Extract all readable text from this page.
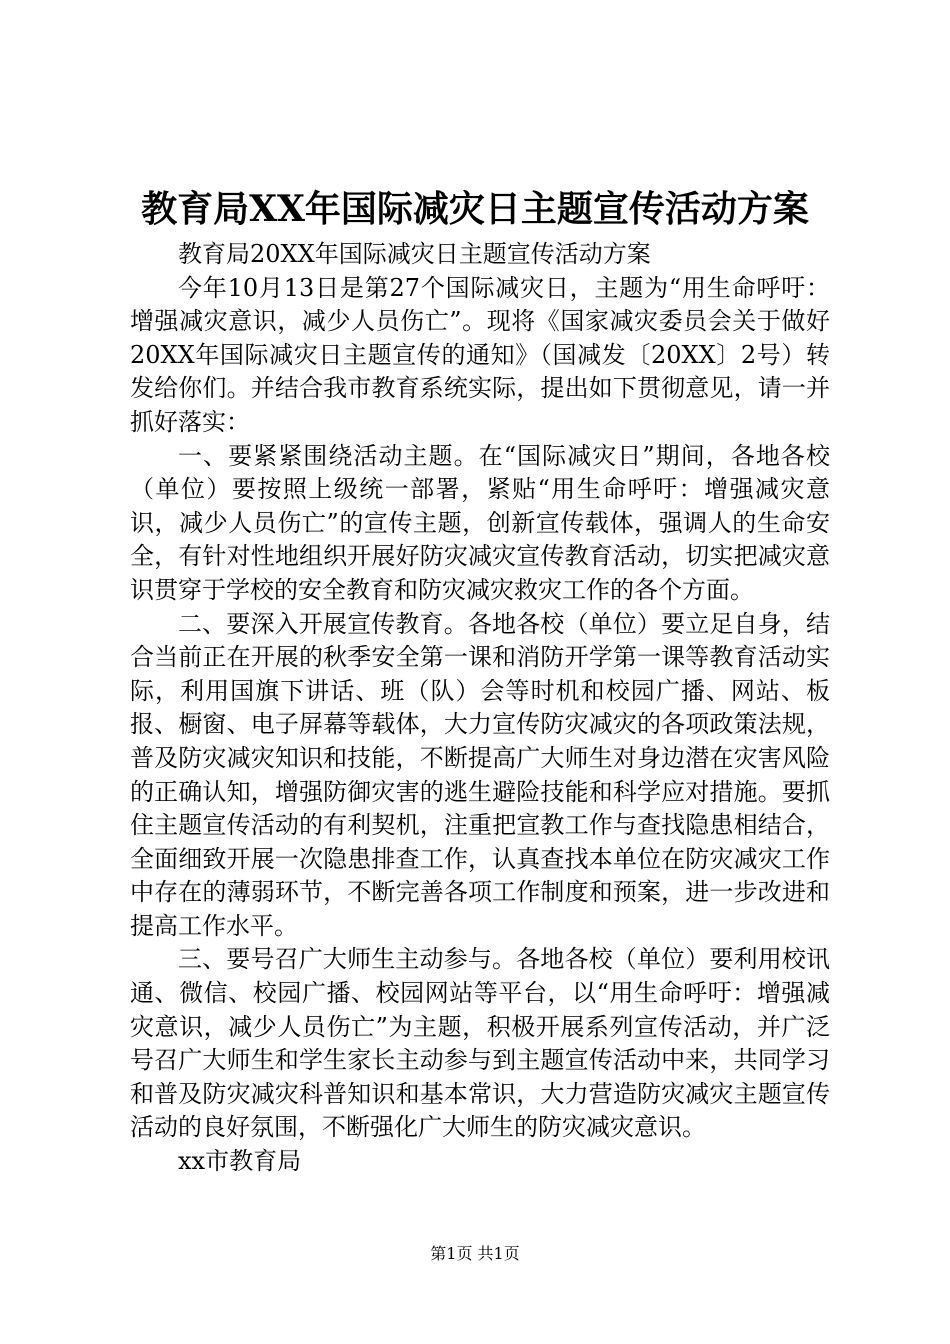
教育局XX年国际减灾日主题宣传活动方案

教育局20XX年国际减灾日主题宣传活动方案

今年10月13日是第27个国际减灾日，主题为“用生命呼吁：增强减灾意识，减少人员伤亡”。现将《国家减灾委员会关于做好20XX年国际减灾日主题宣传的通知》（国减发〔20XX〕2号）转发给你们。并结合我市教育系统实际，提出如下贯彻意见，请一并抓好落实：

一、要紧紧围绕活动主题。在“国际减灾日”期间，各地各校（单位）要按照上级统一部署，紧贴“用生命呼吁：增强减灾意识，减少人员伤亡”的宣传主题，创新宣传载体，强调人的生命安全，有针对性地组织开展好防灾减灾宣传教育活动，切实把减灾意识贯穿于学校的安全教育和防灾减灾救灾工作的各个方面。

二、要深入开展宣传教育。各地各校（单位）要立足自身，结合当前正在开展的秋季安全第一课和消防开学第一课等教育活动实际，利用国旗下讲话、班（队）会等时机和校园广播、网站、板报、橱窗、电子屏幕等载体，大力宣传防灾减灾的各项政策法规，普及防灾减灾知识和技能，不断提高广大师生对身边潜在灾害风险的正确认知，增强防御灾害的逃生避险技能和科学应对措施。要抓住主题宣传活动的有利契机，注重把宣教工作与查找隐患相结合，全面细致开展一次隐患排查工作，认真查找本单位在防灾减灾工作中存在的薄弱环节，不断完善各项工作制度和预案，进一步改进和提高工作水平。

三、要号召广大师生主动参与。各地各校（单位）要利用校讯通、微信、校园广播、校园网站等平台，以“用生命呼吁：增强减灾意识，减少人员伤亡”为主题，积极开展系列宣传活动，并广泛号召广大师生和学生家长主动参与到主题宣传活动中来，共同学习和普及防灾减灾科普知识和基本常识，大力营造防灾减灾主题宣传活动的良好氛围，不断强化广大师生的防灾减灾意识。

xx市教育局

第1页 共1页
